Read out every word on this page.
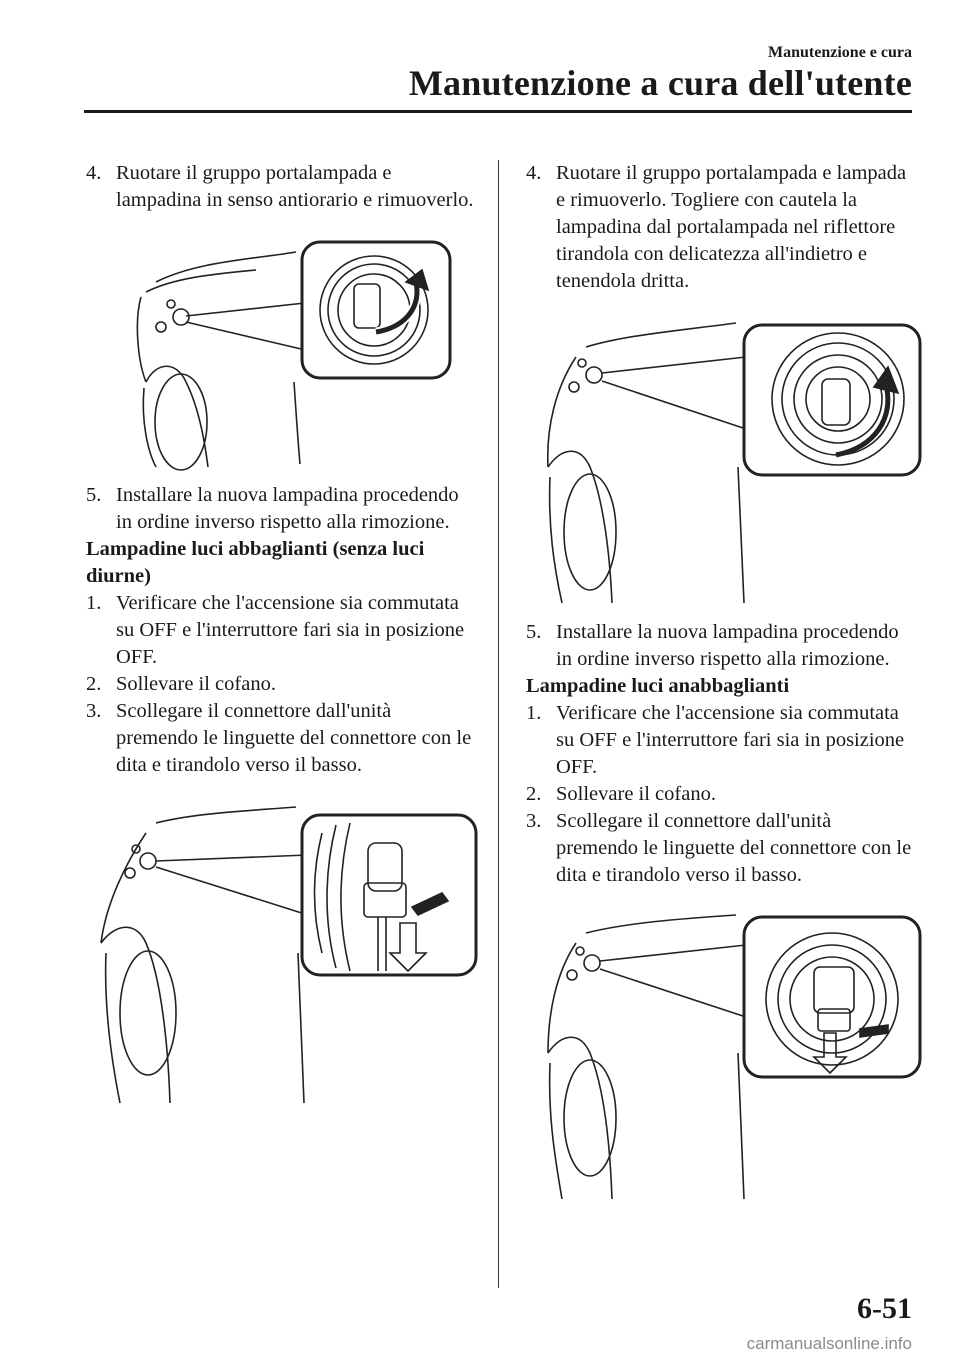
Manutenzione e cura
Manutenzione a cura dell'utente
4. Ruotare il gruppo portalampada e lampadina in senso antiorario e rimuoverlo.
5. Installare la nuova lampadina procedendo in ordine inverso rispetto alla rimozione.
Lampadine luci abbaglianti (senza luci diurne)
1. Verificare che l'accensione sia commutata su OFF e l'interruttore fari sia in posizione OFF.
2. Sollevare il cofano.
3. Scollegare il connettore dall'unità premendo le linguette del connettore con le dita e tirandolo verso il basso.
4. Ruotare il gruppo portalampada e lampada e rimuoverlo. Togliere con cautela la lampadina dal portalampada nel riflettore tirandola con delicatezza all'indietro e tenendola dritta.
5. Installare la nuova lampadina procedendo in ordine inverso rispetto alla rimozione.
Lampadine luci anabbaglianti
1. Verificare che l'accensione sia commutata su OFF e l'interruttore fari sia in posizione OFF.
2. Sollevare il cofano.
3. Scollegare il connettore dall'unità premendo le linguette del connettore con le dita e tirandolo verso il basso.
6-51
carmanualsonline.info
